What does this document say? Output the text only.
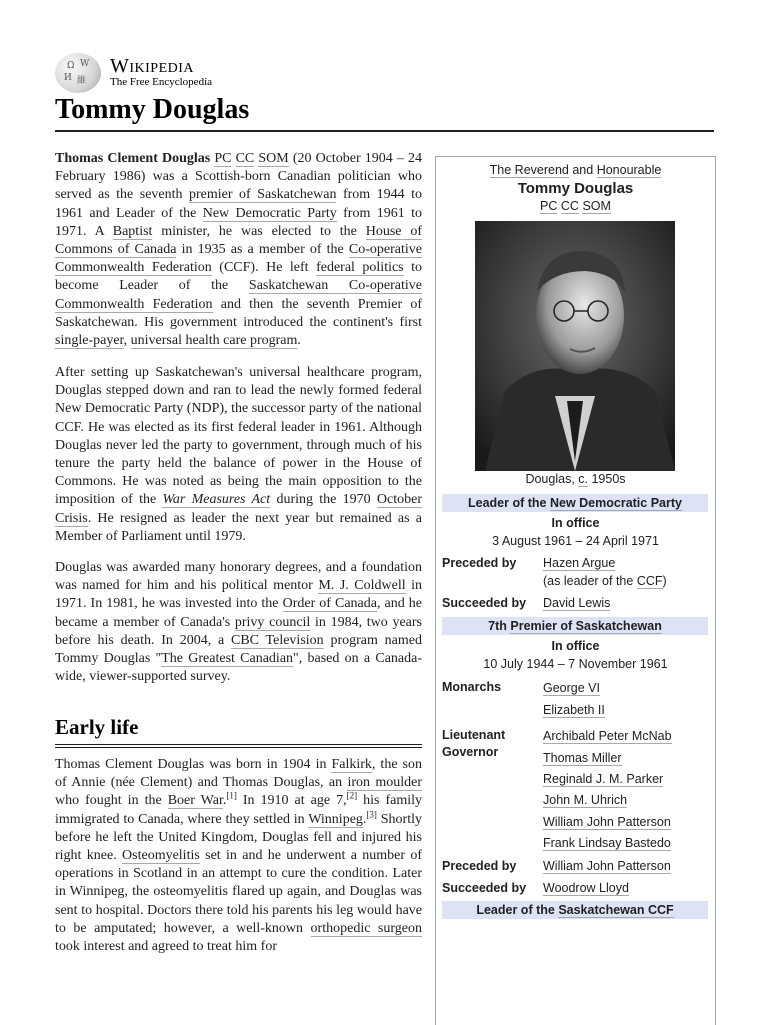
Ω W
И 維
Wikipedia
The Free Encyclopedia
Tommy Douglas

Thomas Clement Douglas PC CC SOM (20 October 1904 – 24 February 1986) was a Scottish-born Canadian politician who served as the seventh premier of Saskatchewan from 1944 to 1961 and Leader of the New Democratic Party from 1961 to 1971. A Baptist minister, he was elected to the House of Commons of Canada in 1935 as a member of the Co-operative Commonwealth Federation (CCF). He left federal politics to become Leader of the Saskatchewan Co-operative Commonwealth Federation and then the seventh Premier of Saskatchewan. His government introduced the continent's first single-payer, universal health care program.

After setting up Saskatchewan's universal healthcare program, Douglas stepped down and ran to lead the newly formed federal New Democratic Party (NDP), the successor party of the national CCF. He was elected as its first federal leader in 1961. Although Douglas never led the party to government, through much of his tenure the party held the balance of power in the House of Commons. He was noted as being the main opposition to the imposition of the War Measures Act during the 1970 October Crisis. He resigned as leader the next year but remained as a Member of Parliament until 1979.

Douglas was awarded many honorary degrees, and a foundation was named for him and his political mentor M. J. Coldwell in 1971. In 1981, he was invested into the Order of Canada, and he became a member of Canada's privy council in 1984, two years before his death. In 2004, a CBC Television program named Tommy Douglas "The Greatest Canadian", based on a Canada-wide, viewer-supported survey.

Early life

Thomas Clement Douglas was born in 1904 in Falkirk, the son of Annie (née Clement) and Thomas Douglas, an iron moulder who fought in the Boer War.[1] In 1910 at age 7,[2] his family immigrated to Canada, where they settled in Winnipeg.[3] Shortly before he left the United Kingdom, Douglas fell and injured his right knee. Osteomyelitis set in and he underwent a number of operations in Scotland in an attempt to cure the condition. Later in Winnipeg, the osteomyelitis flared up again, and Douglas was sent to hospital. Doctors there told his parents his leg would have to be amputated; however, a well-known orthopedic surgeon took interest and agreed to treat him for

The Reverend and Honourable
Tommy Douglas
PC CC SOM
Douglas, c. 1950s
Leader of the New Democratic Party
In office
3 August 1961 – 24 April 1971
Preceded by Hazen Argue
(as leader of the CCF)
Succeeded by David Lewis
7th Premier of Saskatchewan
In office
10 July 1944 – 7 November 1961
Monarchs	George VI
Elizabeth II
Lieutenant Governor
Archibald Peter McNab
Thomas Miller
Reginald J. M. Parker
John M. Uhrich
William John Patterson
Frank Lindsay Bastedo
Preceded by William John Patterson
Succeeded by Woodrow Lloyd
Leader of the Saskatchewan CCF
